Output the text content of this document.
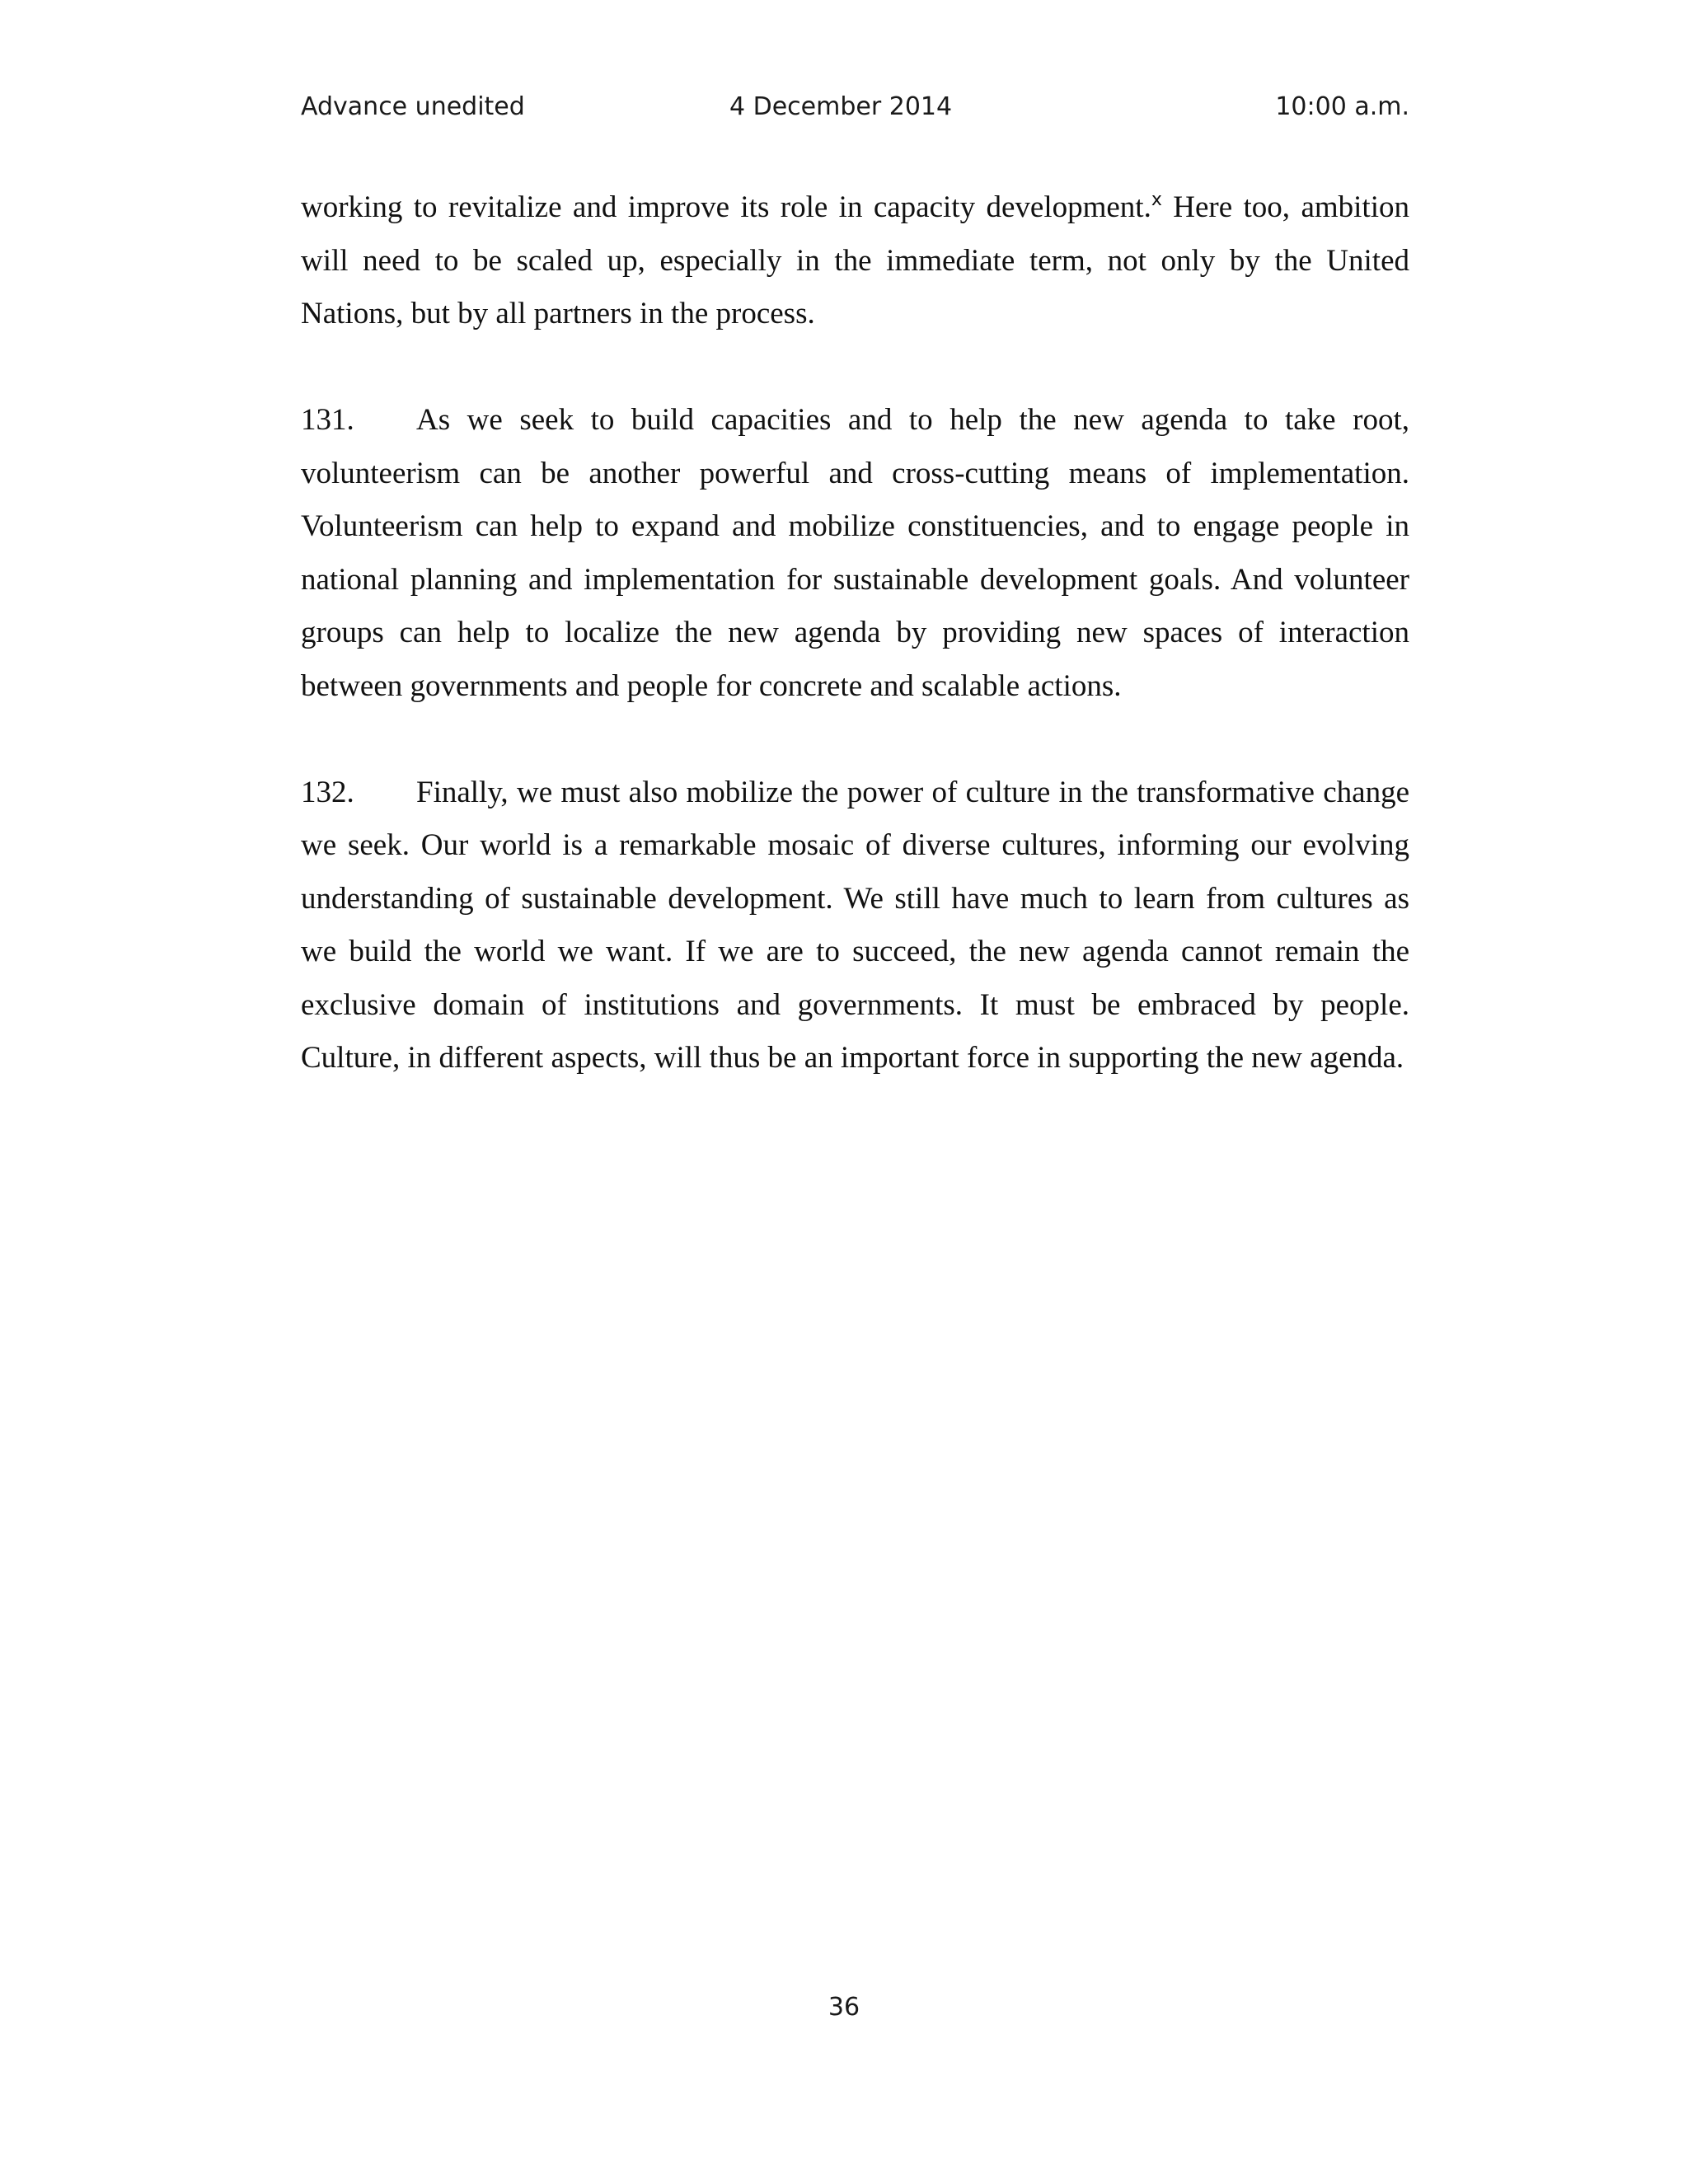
Advance unedited	4 December 2014	10:00 a.m.

working to revitalize and improve its role in capacity development.$^x$ Here too, ambition will need to be scaled up, especially in the immediate term, not only by the United Nations, but by all partners in the process.

131. As we seek to build capacities and to help the new agenda to take root, volunteerism can be another powerful and cross-cutting means of implementation. Volunteerism can help to expand and mobilize constituencies, and to engage people in national planning and implementation for sustainable development goals. And volunteer groups can help to localize the new agenda by providing new spaces of interaction between governments and people for concrete and scalable actions.

132. Finally, we must also mobilize the power of culture in the transformative change we seek. Our world is a remarkable mosaic of diverse cultures, informing our evolving understanding of sustainable development. We still have much to learn from cultures as we build the world we want. If we are to succeed, the new agenda cannot remain the exclusive domain of institutions and governments. It must be embraced by people. Culture, in different aspects, will thus be an important force in supporting the new agenda.

36
